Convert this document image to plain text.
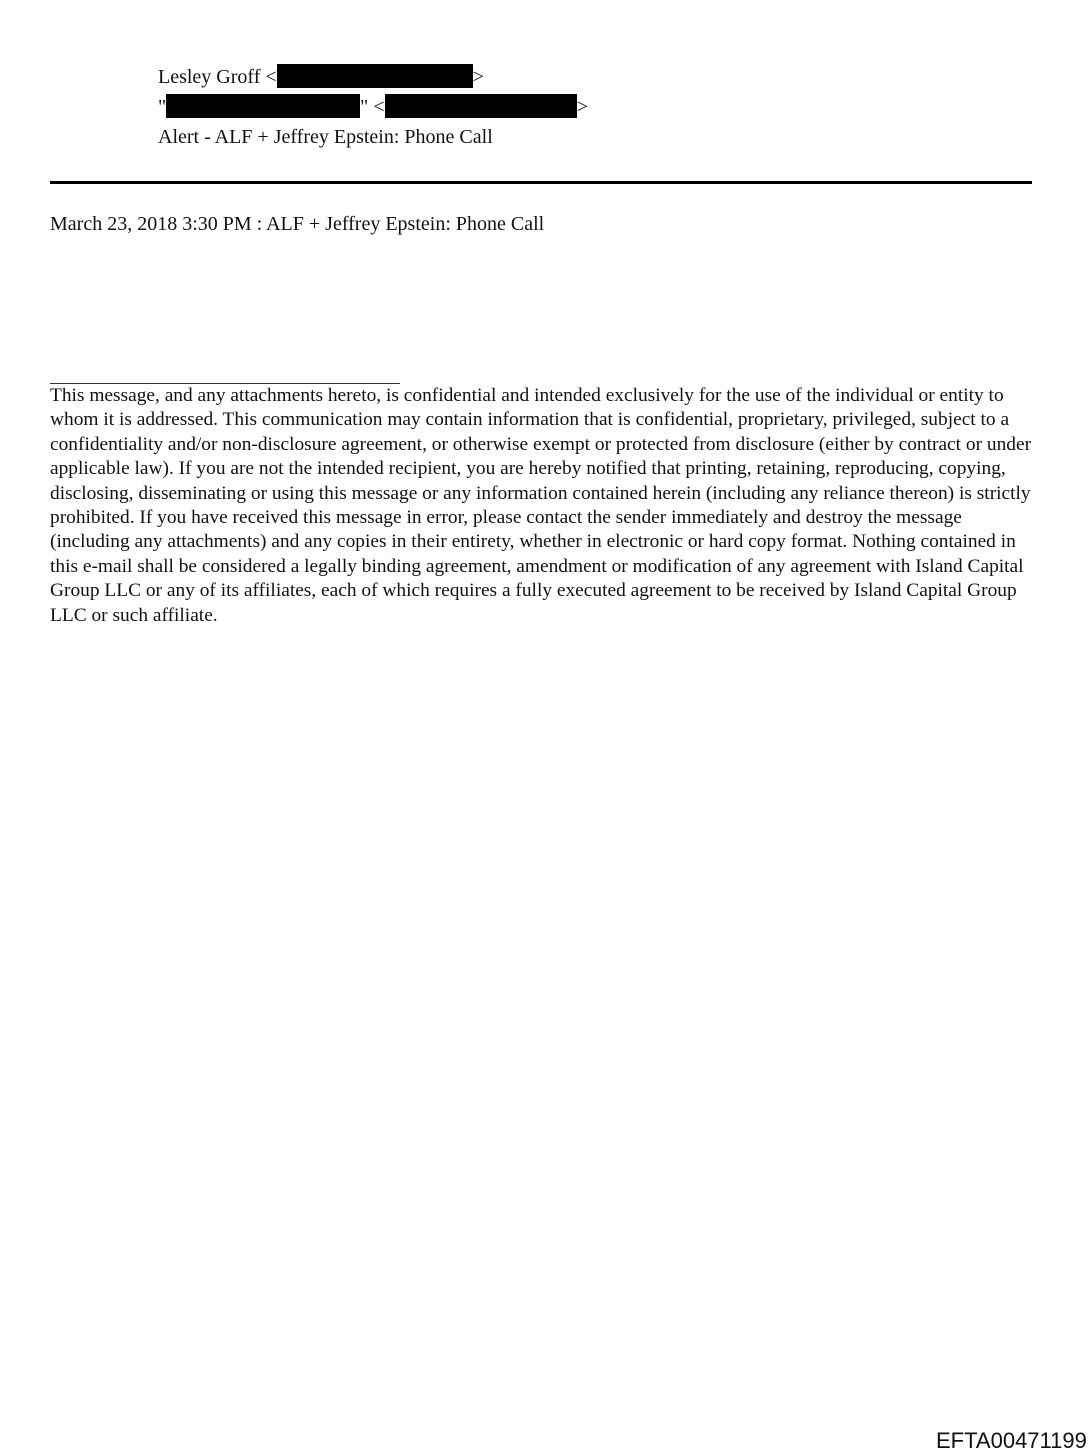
Lesley Groff <	>
"	" <	>
Alert - ALF + Jeffrey Epstein: Phone Call
March 23, 2018 3:30 PM : ALF + Jeffrey Epstein: Phone Call

This message, and any attachments hereto, is confidential and intended exclusively for the use of the individual or entity to whom it is addressed. This communication may contain information that is confidential, proprietary, privileged, subject to a confidentiality and/or non-disclosure agreement, or otherwise exempt or protected from disclosure (either by contract or under applicable law). If you are not the intended recipient, you are hereby notified that printing, retaining, reproducing, copying, disclosing, disseminating or using this message or any information contained herein (including any reliance thereon) is strictly prohibited. If you have received this message in error, please contact the sender immediately and destroy the message (including any attachments) and any copies in their entirety, whether in electronic or hard copy format. Nothing contained in this e-mail shall be considered a legally binding agreement, amendment or modification of any agreement with Island Capital Group LLC or any of its affiliates, each of which requires a fully executed agreement to be received by Island Capital Group LLC or such affiliate.

EFTA00471199
